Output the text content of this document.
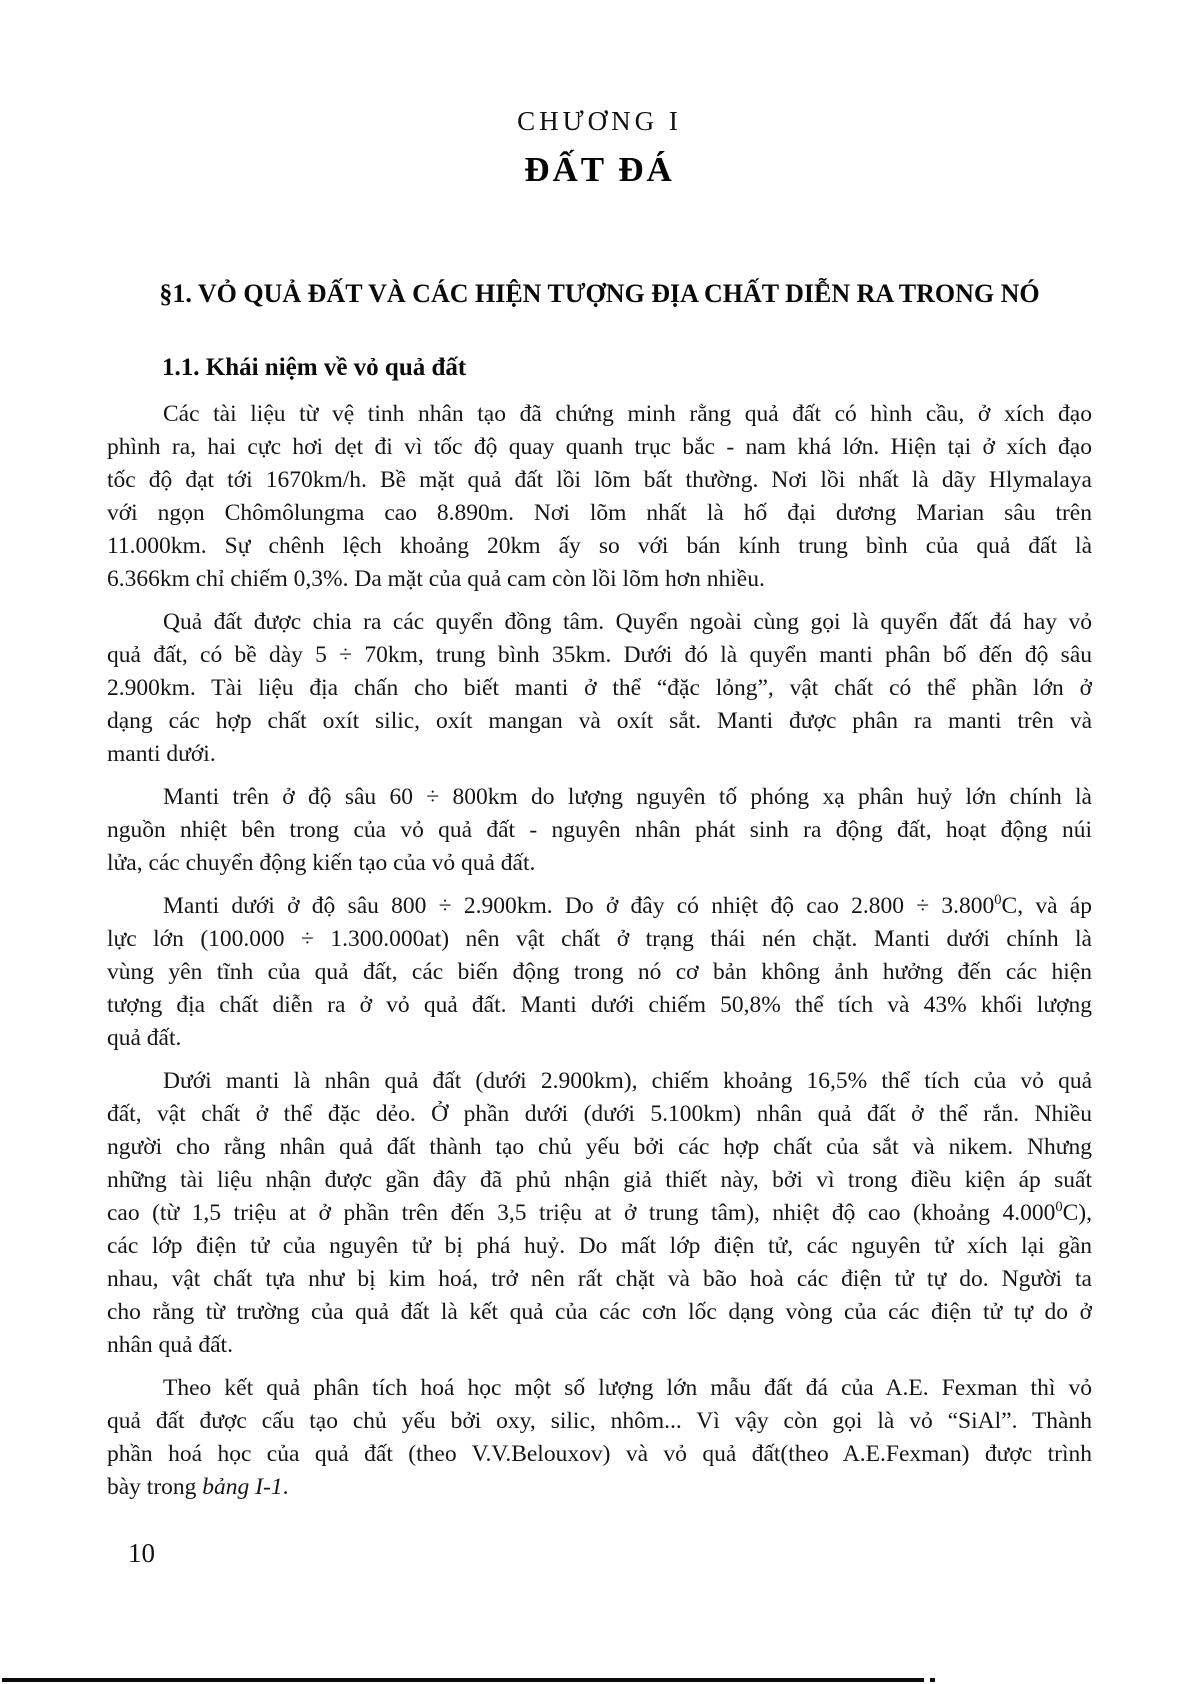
CHƯƠNG I
ĐẤT ĐÁ
§1. VỎ QUẢ ĐẤT VÀ CÁC HIỆN TƯỢNG ĐỊA CHẤT DIỄN RA TRONG NÓ
1.1. Khái niệm về vỏ quả đất
Các tài liệu từ vệ tinh nhân tạo đã chứng minh rằng quả đất có hình cầu, ở xích đạo
phình ra, hai cực hơi dẹt đi vì tốc độ quay quanh trục bắc - nam khá lớn. Hiện tại ở xích đạo
tốc độ đạt tới 1670km/h. Bề mặt quả đất lồi lõm bất thường. Nơi lồi nhất là dãy Hlymalaya
với ngọn Chômôlungma cao 8.890m. Nơi lõm nhất là hố đại dương Marian sâu trên
11.000km. Sự chênh lệch khoảng 20km ấy so với bán kính trung bình của quả đất là
6.366km chỉ chiếm 0,3%. Da mặt của quả cam còn lồi lõm hơn nhiều.
Quả đất được chia ra các quyển đồng tâm. Quyển ngoài cùng gọi là quyển đất đá hay vỏ
quả đất, có bề dày 5 ÷ 70km, trung bình 35km. Dưới đó là quyển manti phân bố đến độ sâu
2.900km. Tài liệu địa chấn cho biết manti ở thể “đặc lỏng”, vật chất có thể phần lớn ở
dạng các hợp chất oxít silic, oxít mangan và oxít sắt. Manti được phân ra manti trên và
manti dưới.
Manti trên ở độ sâu 60 ÷ 800km do lượng nguyên tố phóng xạ phân huỷ lớn chính là
nguồn nhiệt bên trong của vỏ quả đất - nguyên nhân phát sinh ra động đất, hoạt động núi
lửa, các chuyển động kiến tạo của vỏ quả đất.
Manti dưới ở độ sâu 800 ÷ 2.900km. Do ở đây có nhiệt độ cao $2.800 \div 3.800^0C$, và áp
lực lớn (100.000 ÷ 1.300.000at) nên vật chất ở trạng thái nén chặt. Manti dưới chính là
vùng yên tĩnh của quả đất, các biến động trong nó cơ bản không ảnh hưởng đến các hiện
tượng địa chất diễn ra ở vỏ quả đất. Manti dưới chiếm 50,8% thể tích và 43% khối lượng
quả đất.
Dưới manti là nhân quả đất (dưới 2.900km), chiếm khoảng 16,5% thể tích của vỏ quả
đất, vật chất ở thể đặc dẻo. Ở phần dưới (dưới 5.100km) nhân quả đất ở thể rắn. Nhiều
người cho rằng nhân quả đất thành tạo chủ yếu bởi các hợp chất của sắt và nikem. Nhưng
những tài liệu nhận được gần đây đã phủ nhận giả thiết này, bởi vì trong điều kiện áp suất
cao (từ 1,5 triệu at ở phần trên đến 3,5 triệu at ở trung tâm), nhiệt độ cao (khoảng 4.000$^0$C),
các lớp điện tử của nguyên tử bị phá huỷ. Do mất lớp điện tử, các nguyên tử xích lại gần
nhau, vật chất tựa như bị kim hoá, trở nên rất chặt và bão hoà các điện tử tự do. Người ta
cho rằng từ trường của quả đất là kết quả của các cơn lốc dạng vòng của các điện tử tự do ở
nhân quả đất.
Theo kết quả phân tích hoá học một số lượng lớn mẫu đất đá của A.E. Fexman thì vỏ
quả đất được cấu tạo chủ yếu bởi oxy, silic, nhôm... Vì vậy còn gọi là vỏ “SiAl”. Thành
phần hoá học của quả đất (theo V.V.Belouxov) và vỏ quả đất(theo A.E.Fexman) được trình
bày trong bảng I-1.
10
